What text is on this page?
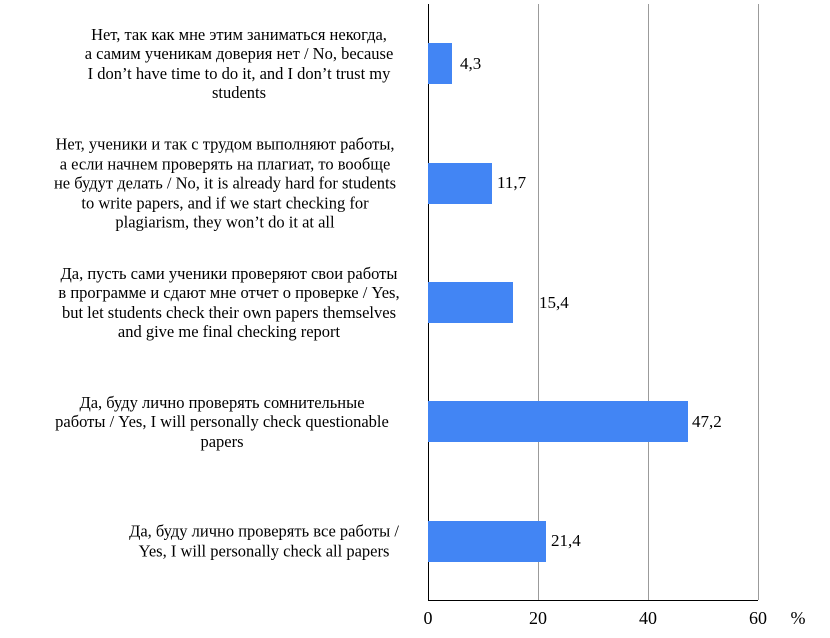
%
Нет, так как мне этим заниматься некогда,
а самим ученикам доверия нет / No, because
I don’t have time to do it, and I don’t trust my
students
4,3
Нет, ученики и так с трудом выполняют работы,
а если начнем проверять на плагиат, то вообще
не будут делать / No, it is already hard for students
to write papers, and if we start checking for
plagiarism, they won’t do it at all
11,7
Да, пусть сами ученики проверяют свои работы
в программе и сдают мне отчет о проверке / Yes,
but let students check their own papers themselves
and give me final checking report
15,4
Да, буду лично проверять сомнительные
работы / Yes, I will personally check questionable
papers
47,2
Да, буду лично проверять все работы /
Yes, I will personally check all papers
21,4
0	20	40	60
